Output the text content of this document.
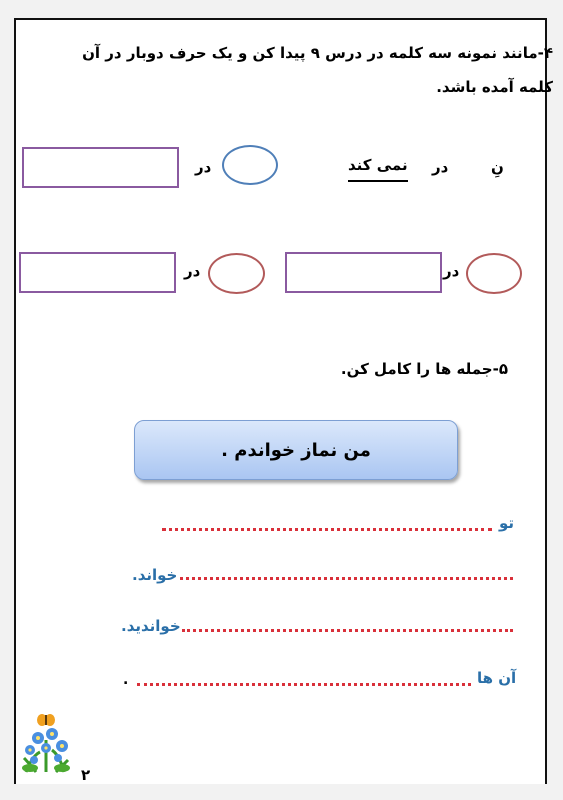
۴-مانند نمونه سه کلمه در درس ۹ پیدا کن و یک حرف دوبار در آن کلمه آمده باشد.
نِ
در
نمی کند
در
در
در
۵-جمله ها را کامل کن.
من نماز خواندم .
تو
خواند.
خواندید.
آن ها
.
۲
